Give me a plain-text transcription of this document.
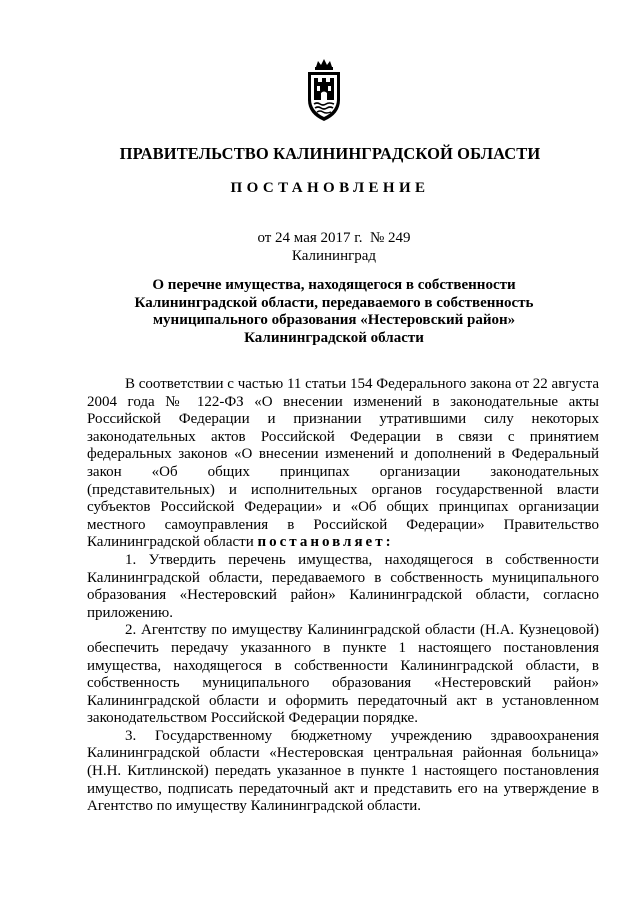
ПРАВИТЕЛЬСТВО КАЛИНИНГРАДСКОЙ ОБЛАСТИ
ПОСТАНОВЛЕНИЕ
от 24 мая 2017 г.  № 249
Калининград
О перечне имущества, находящегося в собственности
Калининградской области, передаваемого в собственность
муниципального образования «Нестеровский район»
Калининградской области

В соответствии с частью 11 статьи 154 Федерального закона от 22 августа 2004 года № 122-ФЗ «О внесении изменений в законодательные акты Российской Федерации и признании утратившими силу некоторых законодательных актов Российской Федерации в связи с принятием федеральных законов «О внесении изменений и дополнений в Федеральный закон «Об общих принципах организации законодательных (представительных) и исполнительных органов государственной власти субъектов Российской Федерации» и «Об общих принципах организации местного самоуправления в Российской Федерации» Правительство Калининградской области постановляет:

1. Утвердить перечень имущества, находящегося в собственности Калининградской области, передаваемого в собственность муниципального образования «Нестеровский район» Калининградской области, согласно приложению.

2. Агентству по имуществу Калининградской области (Н.А. Кузнецовой) обеспечить передачу указанного в пункте 1 настоящего постановления имущества, находящегося в собственности Калининградской области, в собственность муниципального образования «Нестеровский район» Калининградской области и оформить передаточный акт в установленном законодательством Российской Федерации порядке.

3. Государственному бюджетному учреждению здравоохранения Калининградской области «Нестеровская центральная районная больница» (Н.Н. Китлинской) передать указанное в пункте 1 настоящего постановления имущество, подписать передаточный акт и представить его на утверждение в Агентство по имуществу Калининградской области.
